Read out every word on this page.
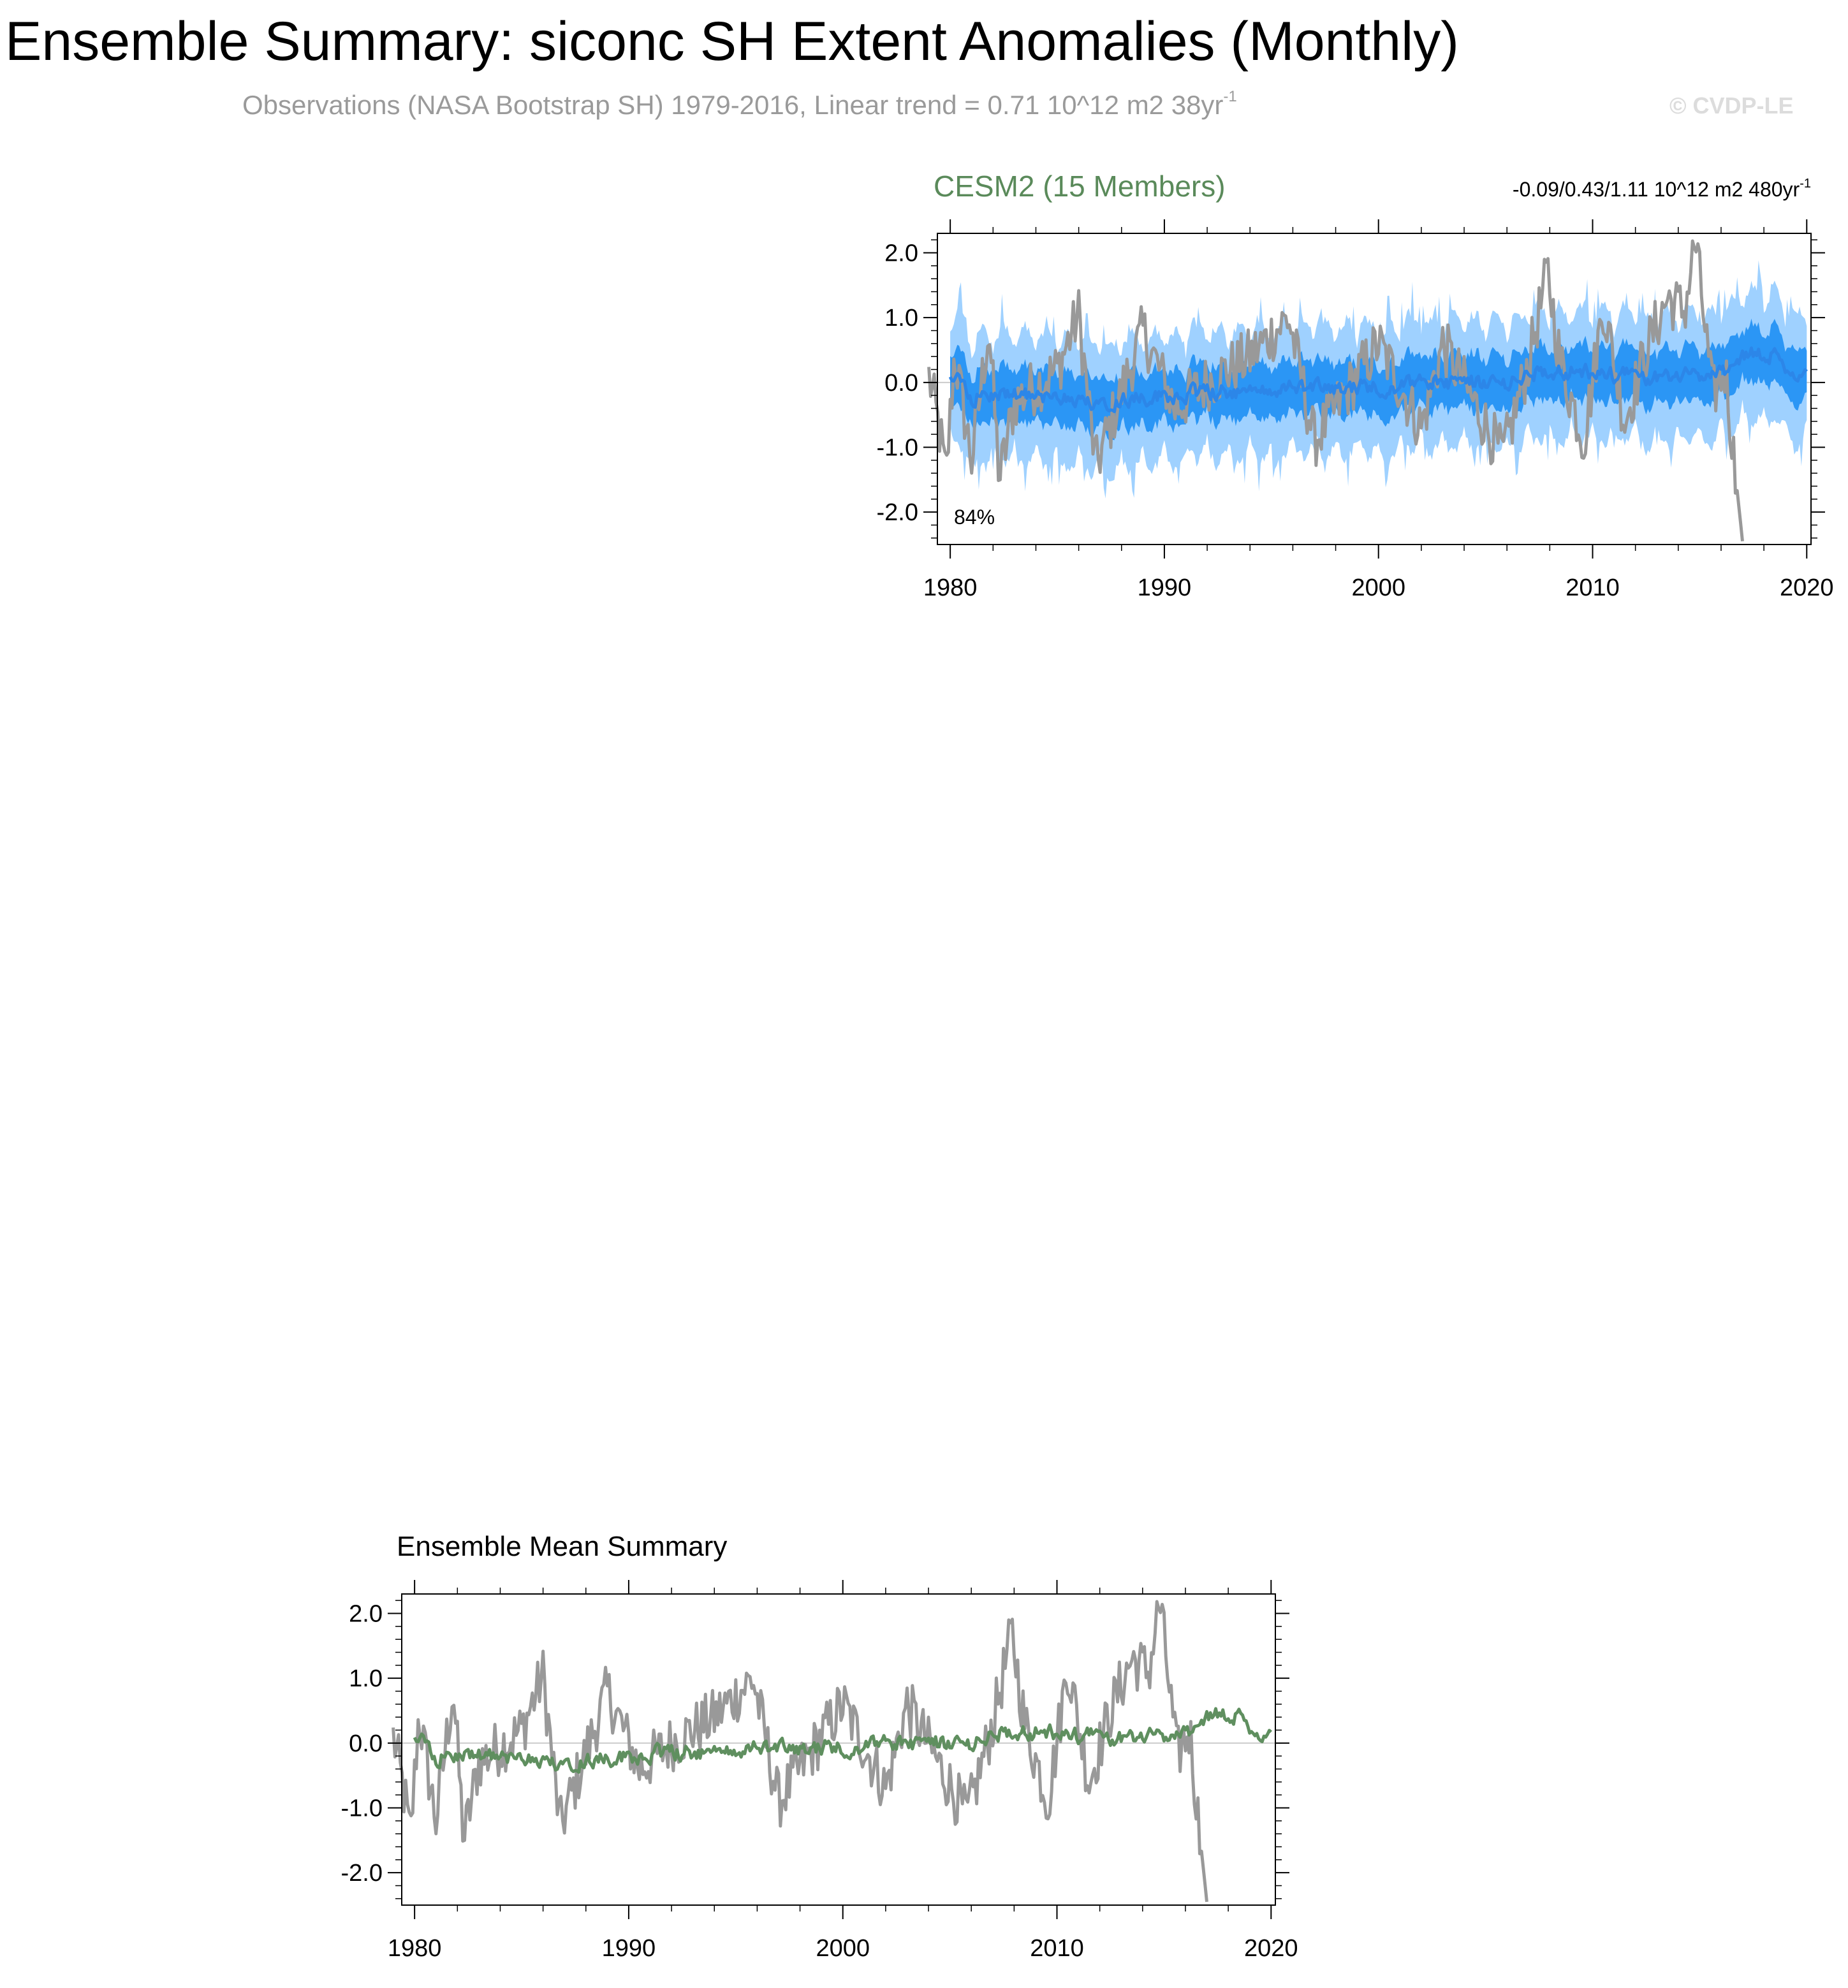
Ensemble Summary: siconc SH Extent Anomalies (Monthly)
Observations (NASA Bootstrap SH) 1979-2016, Linear trend = 0.71 10^12 m2 $38yr^{-1}$	© CVDP-LE
CESM2 (15 Members)	-0.09/0.43/1.11 10^12 m2 $480yr^{-1}$
2.0
1.0
0.0
-1.0
-2.0
1980	1990	2000	2010	2020
84%
Ensemble Mean Summary
2.0
1.0
0.0
-1.0
-2.0
1980	1990	2000	2010	2020
